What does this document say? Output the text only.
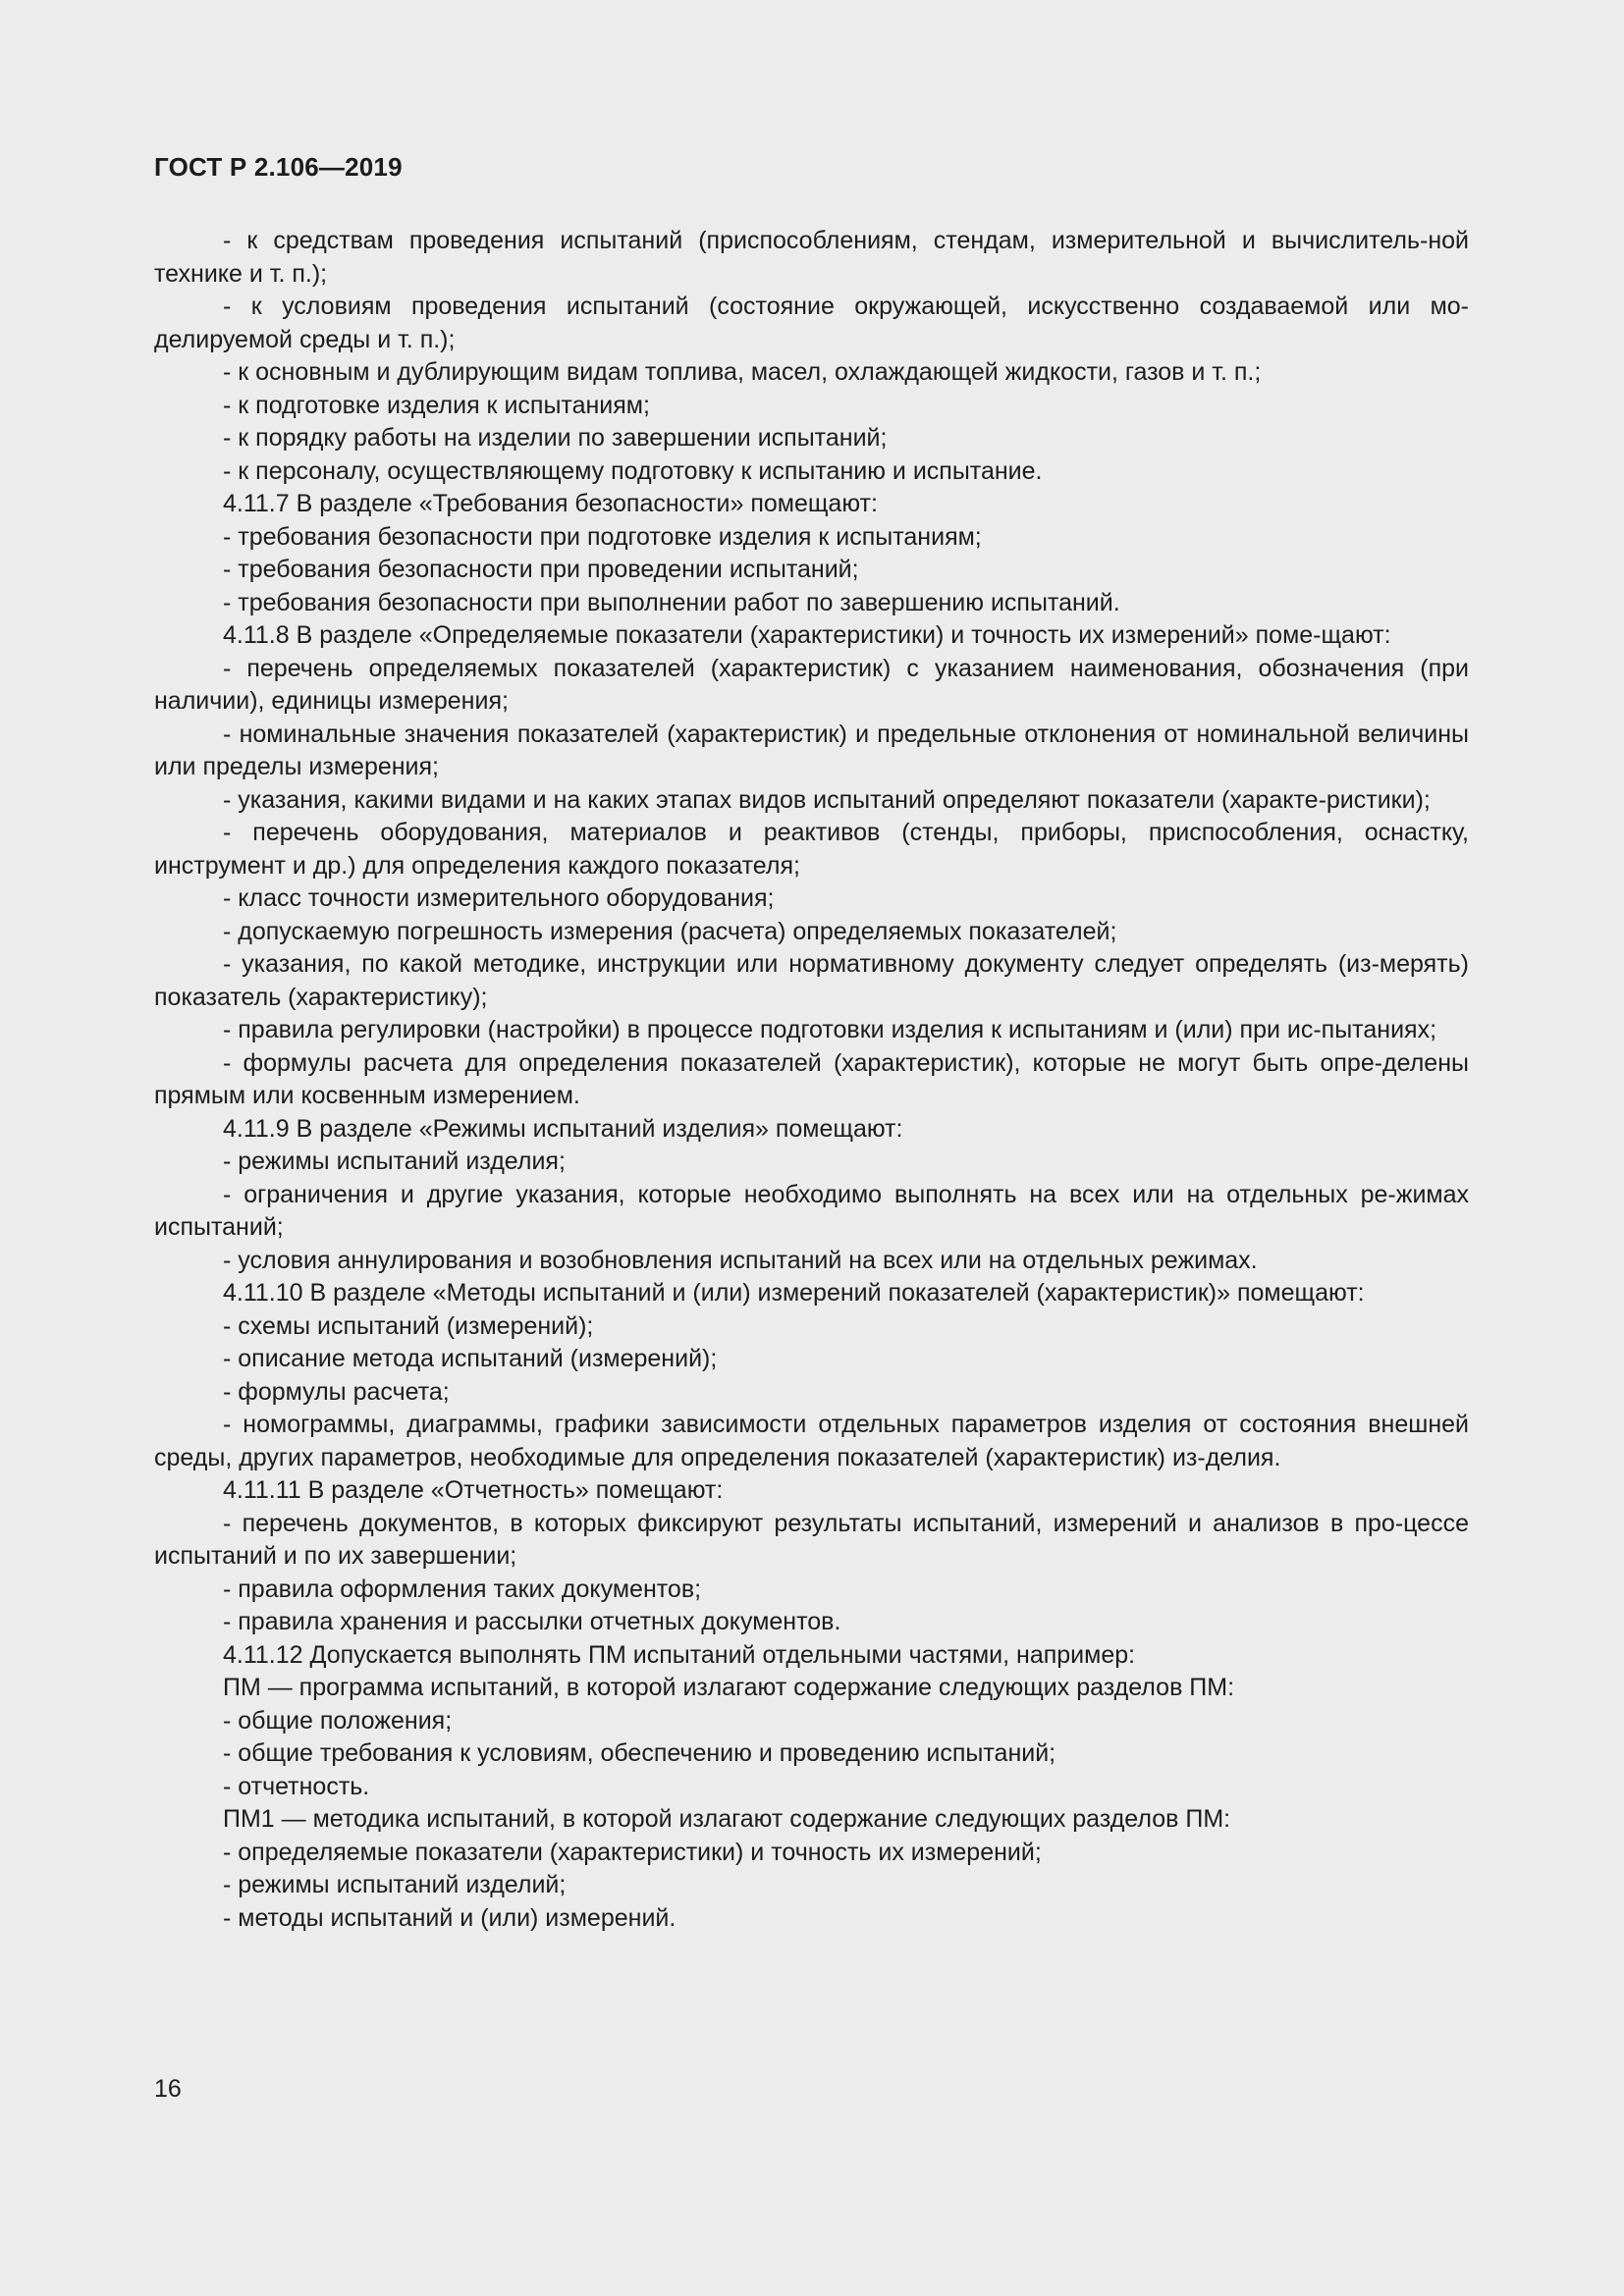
ГОСТ Р 2.106—2019

- к средствам проведения испытаний (приспособлениям, стендам, измерительной и вычислитель-ной технике и т. п.);

- к условиям проведения испытаний (состояние окружающей, искусственно создаваемой или мо-делируемой среды и т. п.);

- к основным и дублирующим видам топлива, масел, охлаждающей жидкости, газов и т. п.;

- к подготовке изделия к испытаниям;

- к порядку работы на изделии по завершении испытаний;

- к персоналу, осуществляющему подготовку к испытанию и испытание.

4.11.7 В разделе «Требования безопасности» помещают:

- требования безопасности при подготовке изделия к испытаниям;

- требования безопасности при проведении испытаний;

- требования безопасности при выполнении работ по завершению испытаний.

4.11.8 В разделе «Определяемые показатели (характеристики) и точность их измерений» поме-щают:

- перечень определяемых показателей (характеристик) с указанием наименования, обозначения (при наличии), единицы измерения;

- номинальные значения показателей (характеристик) и предельные отклонения от номинальной величины или пределы измерения;

- указания, какими видами и на каких этапах видов испытаний определяют показатели (характе-ристики);

- перечень оборудования, материалов и реактивов (стенды, приборы, приспособления, оснастку, инструмент и др.) для определения каждого показателя;

- класс точности измерительного оборудования;

- допускаемую погрешность измерения (расчета) определяемых показателей;

- указания, по какой методике, инструкции или нормативному документу следует определять (из-мерять) показатель (характеристику);

- правила регулировки (настройки) в процессе подготовки изделия к испытаниям и (или) при ис-пытаниях;

- формулы расчета для определения показателей (характеристик), которые не могут быть опре-делены прямым или косвенным измерением.

4.11.9 В разделе «Режимы испытаний изделия» помещают:

- режимы испытаний изделия;

- ограничения и другие указания, которые необходимо выполнять на всех или на отдельных ре-жимах испытаний;

- условия аннулирования и возобновления испытаний на всех или на отдельных режимах.

4.11.10 В разделе «Методы испытаний и (или) измерений показателей (характеристик)» помещают:

- схемы испытаний (измерений);

- описание метода испытаний (измерений);

- формулы расчета;

- номограммы, диаграммы, графики зависимости отдельных параметров изделия от состояния внешней среды, других параметров, необходимые для определения показателей (характеристик) из-делия.

4.11.11 В разделе «Отчетность» помещают:

- перечень документов, в которых фиксируют результаты испытаний, измерений и анализов в про-цессе испытаний и по их завершении;

- правила оформления таких документов;

- правила хранения и рассылки отчетных документов.

4.11.12 Допускается выполнять ПМ испытаний отдельными частями, например:

ПМ — программа испытаний, в которой излагают содержание следующих разделов ПМ:

- общие положения;

- общие требования к условиям, обеспечению и проведению испытаний;

- отчетность.

ПМ1 — методика испытаний, в которой излагают содержание следующих разделов ПМ:

- определяемые показатели (характеристики) и точность их измерений;

- режимы испытаний изделий;

- методы испытаний и (или) измерений.

16
